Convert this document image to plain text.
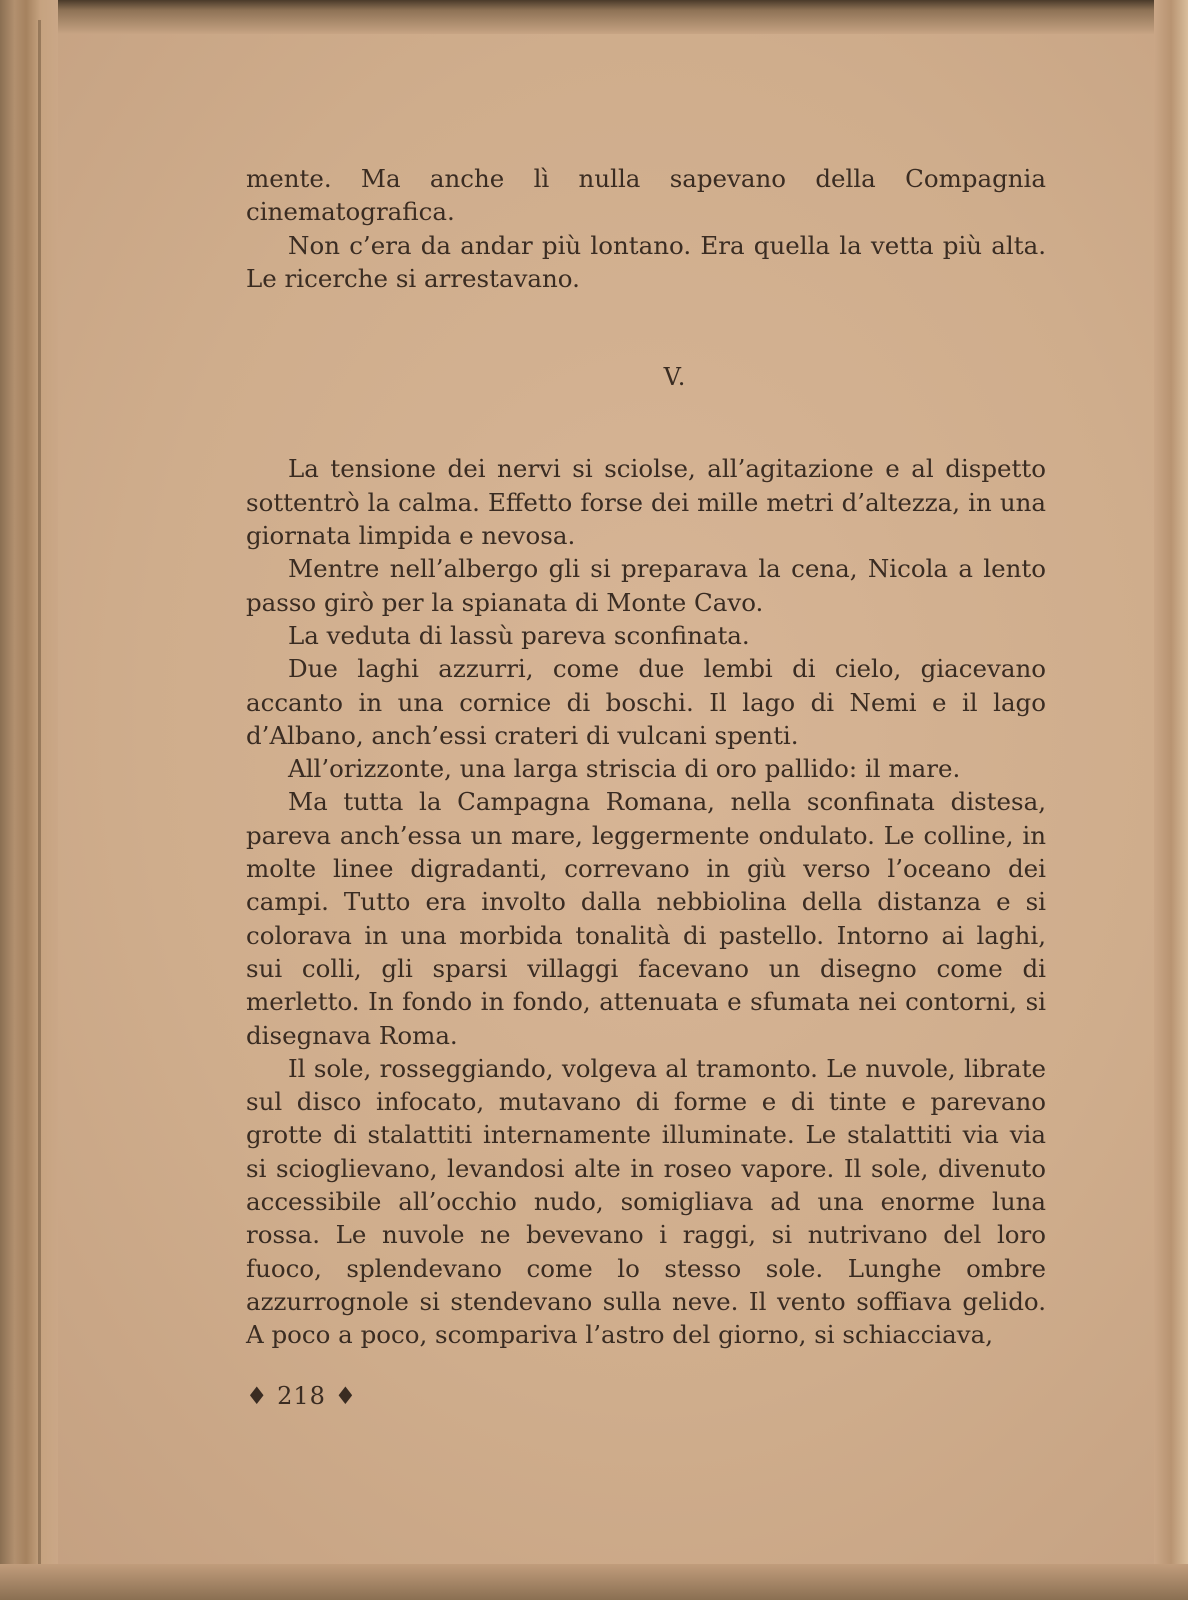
mente. Ma anche lì nulla sapevano della Compagnia cinematografica.

Non c’era da andar più lontano. Era quella la vetta più alta. Le ricerche si arrestavano.

V.

La tensione dei nervi si sciolse, all’agitazione e al dispetto sottentrò la calma. Effetto forse dei mille metri d’altezza, in una giornata limpida e nevosa.

Mentre nell’albergo gli si preparava la cena, Nicola a lento passo girò per la spianata di Monte Cavo.

La veduta di lassù pareva sconfinata.

Due laghi azzurri, come due lembi di cielo, giacevano accanto in una cornice di boschi. Il lago di Nemi e il lago d’Albano, anch’essi crateri di vulcani spenti.

All’orizzonte, una larga striscia di oro pallido: il mare.

Ma tutta la Campagna Romana, nella sconfinata distesa, pareva anch’essa un mare, leggermente ondulato. Le colline, in molte linee digradanti, correvano in giù verso l’oceano dei campi. Tutto era involto dalla nebbiolina della distanza e si colorava in una morbida tonalità di pastello. Intorno ai laghi, sui colli, gli sparsi villaggi facevano un disegno come di merletto. In fondo in fondo, attenuata e sfumata nei contorni, si disegnava Roma.

Il sole, rosseggiando, volgeva al tramonto. Le nuvole, librate sul disco infocato, mutavano di forme e di tinte e parevano grotte di stalattiti internamente illuminate. Le stalattiti via via si scioglievano, levandosi alte in roseo vapore. Il sole, divenuto accessibile all’occhio nudo, somigliava ad una enorme luna rossa. Le nuvole ne bevevano i raggi, si nutrivano del loro fuoco, splendevano come lo stesso sole. Lunghe ombre azzurrognole si stendevano sulla neve. Il vento soffiava gelido. A poco a poco, scompariva l’astro del giorno, si schiacciava,

♦ 218 ♦
